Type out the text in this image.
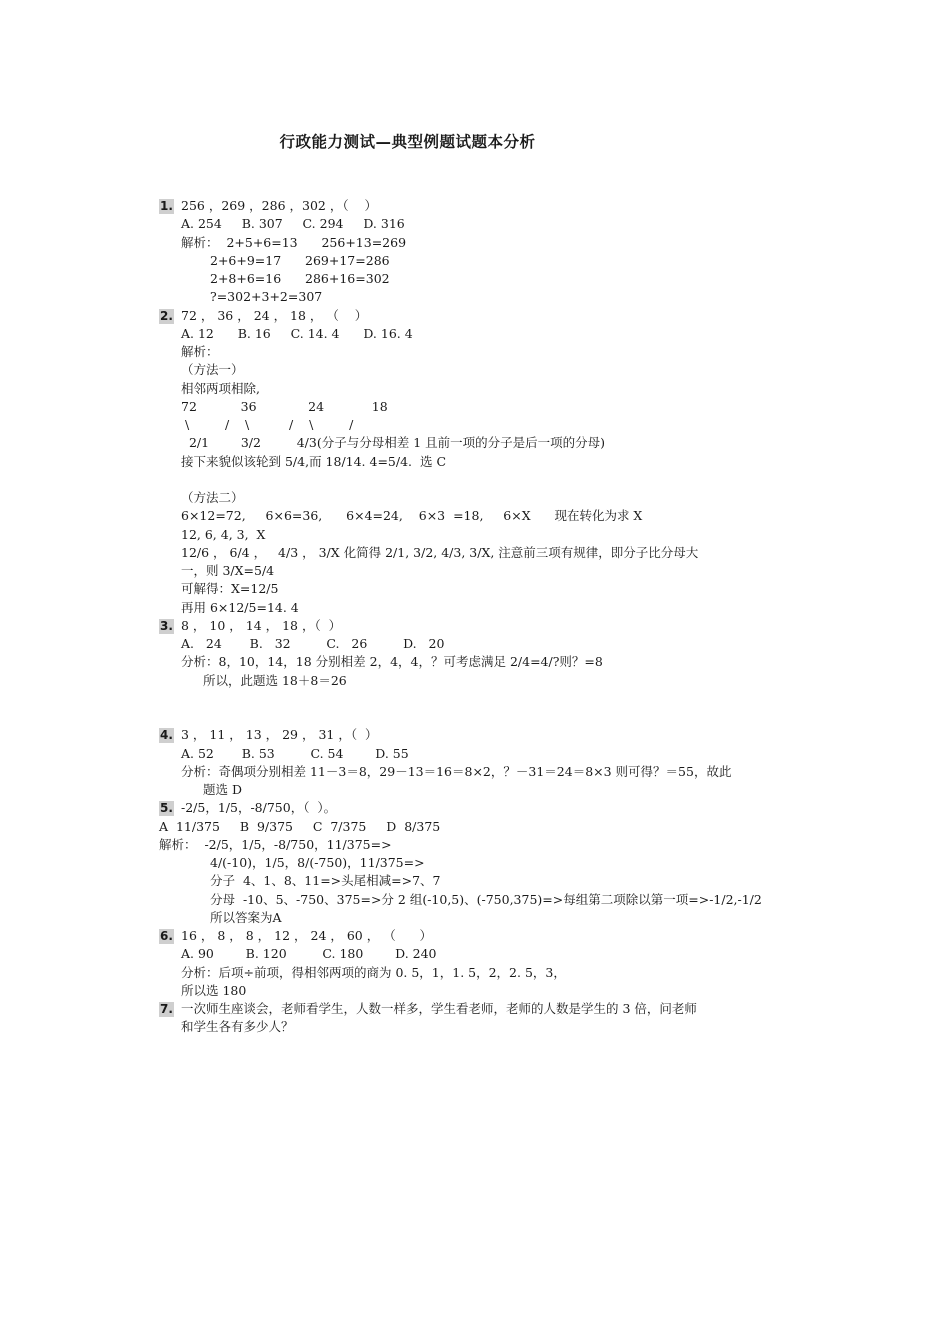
行政能力测试—典型例题试题本分析
1. 256 ，269 ，286 ，302 ，（    ）
A. 254     B. 307     C. 294     D. 316
解析：  2+5+6=13      256+13=269
2+6+9=17      269+17=286
2+8+6=16      286+16=302
?=302+3+2=307
2. 72 ， 36 ， 24 ， 18 ， （    ）
A. 12      B. 16     C. 14. 4      D. 16. 4
解析：
（方法一）
相邻两项相除,
72           36             24            18
\         /    \          /    \         /
2/1        3/2         4/3(分子与分母相差 1 且前一项的分子是后一项的分母)
接下来貌似该轮到 5/4,而 18/14. 4=5/4.  选 C
（方法二）
6×12=72,     6×6=36,      6×4=24,    6×3  =18,     6×X      现在转化为求 X
12, 6, 4, 3,  X
12/6 ， 6/4 ，   4/3 ， 3/X 化简得 2/1, 3/2, 4/3, 3/X, 注意前三项有规律，即分子比分母大
一，则 3/X=5/4
可解得：X=12/5
再用 6×12/5=14. 4
3. 8 ， 10 ， 14 ， 18 ，（  ）
A.   24       B.   32         C.   26         D.   20
分析：8，10，14，18 分别相差 2，4，4，？可考虑满足 2/4=4/?则？=8
所以，此题选 18＋8＝26
4. 3 ， 11 ， 13 ， 29 ， 31 ，（  ）
A. 52       B. 53         C. 54        D. 55
分析：奇偶项分别相差 11－3＝8，29－13＝16＝8×2，？－31＝24＝8×3 则可得？＝55，故此
题选 D
5. -2/5，1/5，-8/750，（  ）。
A  11/375     B  9/375     C  7/375     D  8/375
解析：  -2/5，1/5，-8/750，11/375=>
4/(-10)，1/5，8/(-750)，11/375=>
分子  4、1、8、11=>头尾相减=>7、7
分母  -10、5、-750、375=>分 2 组(-10,5)、(-750,375)=>每组第二项除以第一项=>-1/2,-1/2
所以答案为A
6. 16 ， 8 ， 8 ， 12 ， 24 ， 60 ， （      ）
A. 90        B. 120         C. 180        D. 240
分析：后项÷前项，得相邻两项的商为 0. 5，1，1. 5，2，2. 5，3，
所以选 180
7. 一次师生座谈会，老师看学生，人数一样多，学生看老师，老师的人数是学生的 3 倍，问老师
和学生各有多少人？
